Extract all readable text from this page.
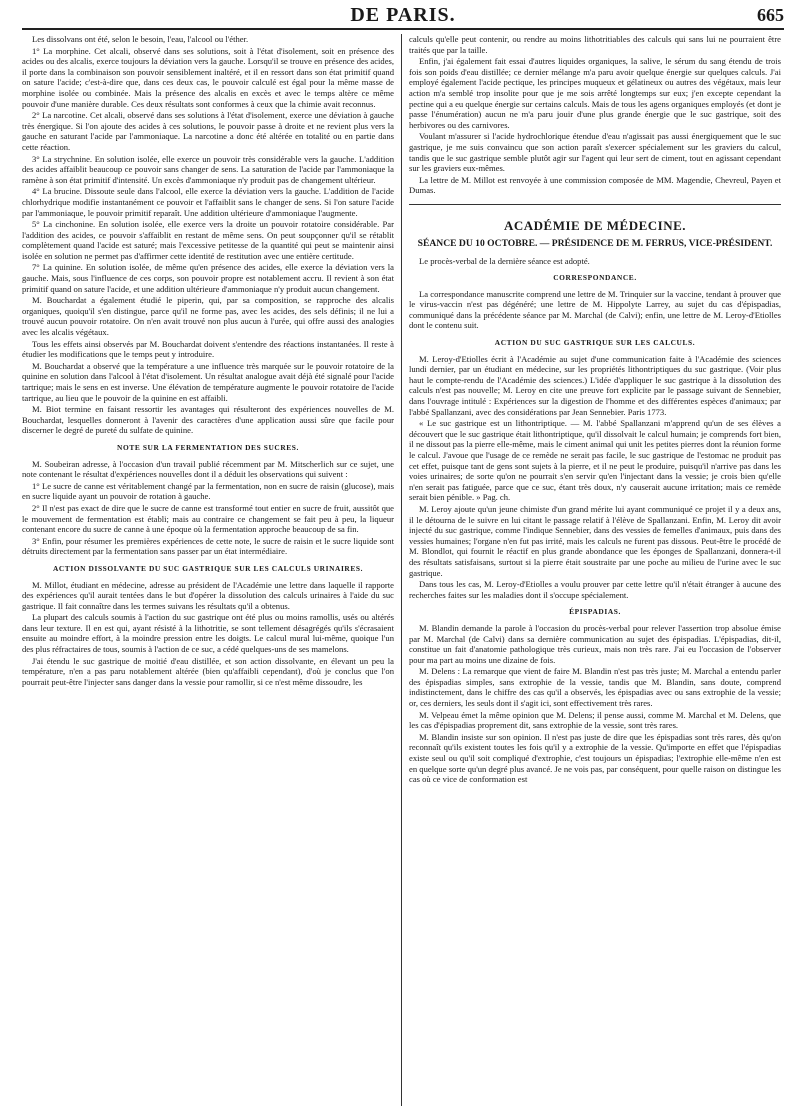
DE PARIS.	665

Les dissolvans ont été, selon le besoin, l'eau, l'alcool ou l'éther.

1° La morphine. Cet alcali, observé dans ses solutions, soit à l'état d'isolement, soit en présence des acides ou des alcalis, exerce toujours la déviation vers la gauche. Lorsqu'il se trouve en présence des acides, il porte dans la combinaison son pouvoir sensiblement inaltéré, et il en ressort dans son état primitif quand on sature l'acide; c'est-à-dire que, dans ces deux cas, le pouvoir calculé est égal pour la même masse de morphine isolée ou combinée. Mais la présence des alcalis en excès et avec le temps altère ce même pouvoir d'une manière durable. Ces deux résultats sont conformes à ceux que la chimie avait reconnus.

2° La narcotine. Cet alcali, observé dans ses solutions à l'état d'isolement, exerce une déviation à gauche très énergique. Si l'on ajoute des acides à ces solutions, le pouvoir passe à droite et ne revient plus vers la gauche en saturant l'acide par l'ammoniaque. La narcotine a donc été altérée en totalité ou en partie dans cette réaction.

3° La strychnine. En solution isolée, elle exerce un pouvoir très considérable vers la gauche. L'addition des acides affaiblit beaucoup ce pouvoir sans changer de sens. La saturation de l'acide par l'ammoniaque la ramène à son état primitif d'intensité. Un excès d'ammoniaque n'y produit pas de changement ultérieur.

4° La brucine. Dissoute seule dans l'alcool, elle exerce la déviation vers la gauche. L'addition de l'acide chlorhydrique modifie instantanément ce pouvoir et l'affaiblit sans le changer de sens. Si l'on sature l'acide par l'ammoniaque, le pouvoir primitif reparaît. Une addition ultérieure d'ammoniaque l'augmente.

5° La cinchonine. En solution isolée, elle exerce vers la droite un pouvoir rotatoire considérable. Par l'addition des acides, ce pouvoir s'affaiblit en restant de même sens. On peut soupçonner qu'il se rétablit complètement quand l'acide est saturé; mais l'excessive petitesse de la quantité qui peut se maintenir ainsi isolée en solution ne permet pas d'affirmer cette identité de restitution avec une entière certitude.

7° La quinine. En solution isolée, de même qu'en présence des acides, elle exerce la déviation vers la gauche. Mais, sous l'influence de ces corps, son pouvoir propre est notablement accru. Il revient à son état primitif quand on sature l'acide, et une addition ultérieure d'ammoniaque n'y produit aucun changement.

M. Bouchardat a également étudié le piperin, qui, par sa composition, se rapproche des alcalis organiques, quoiqu'il s'en distingue, parce qu'il ne forme pas, avec les acides, des sels définis; il ne lui a trouvé aucun pouvoir rotatoire. On n'en avait trouvé non plus aucun à l'urée, qui offre aussi des analogies avec les alcalis végétaux.

Tous les effets ainsi observés par M. Bouchardat doivent s'entendre des réactions instantanées. Il reste à étudier les modifications que le temps peut y introduire.

M. Bouchardat a observé que la température a une influence très marquée sur le pouvoir rotatoire de la quinine en solution dans l'alcool à l'état d'isolement. Un résultat analogue avait déjà été signalé pour l'acide tartrique; mais le sens en est inverse. Une élévation de température augmente le pouvoir rotatoire de l'acide tartrique, au lieu que le pouvoir de la quinine en est affaibli.

M. Biot termine en faisant ressortir les avantages qui résulteront des expériences nouvelles de M. Bouchardat, lesquelles donneront à l'avenir des caractères d'une application aussi sûre que facile pour discerner le degré de pureté du sulfate de quinine.

NOTE SUR LA FERMENTATION DES SUCRES.

M. Soubeiran adresse, à l'occasion d'un travail publié récemment par M. Mitscherlich sur ce sujet, une note contenant le résultat d'expériences nouvelles dont il a déduit les observations qui suivent :

1° Le sucre de canne est véritablement changé par la fermentation, non en sucre de raisin (glucose), mais en sucre liquide ayant un pouvoir de rotation à gauche.

2° Il n'est pas exact de dire que le sucre de canne est transformé tout entier en sucre de fruit, aussitôt que le mouvement de fermentation est établi; mais au contraire ce changement se fait peu à peu, la liqueur contenant encore du sucre de canne à une époque où la fermentation approche beaucoup de sa fin.

3° Enfin, pour résumer les premières expériences de cette note, le sucre de raisin et le sucre liquide sont détruits directement par la fermentation sans passer par un état intermédiaire.

ACTION DISSOLVANTE DU SUC GASTRIQUE SUR LES CALCULS URINAIRES.

M. Millot, étudiant en médecine, adresse au président de l'Académie une lettre dans laquelle il rapporte des expériences qu'il aurait tentées dans le but d'opérer la dissolution des calculs urinaires à l'aide du suc gastrique. Il fait connaître dans les termes suivans les résultats qu'il a obtenus.

La plupart des calculs soumis à l'action du suc gastrique ont été plus ou moins ramollis, usés ou altérés dans leur texture. Il en est qui, ayant résisté à la lithotritie, se sont tellement désagrégés qu'ils s'écrasaient ensuite au moindre effort, à la moindre pression entre les doigts. Le calcul mural lui-même, quoique l'un des plus réfractaires de tous, soumis à l'action de ce suc, a cédé quelques-uns de ses mamelons.

J'ai étendu le suc gastrique de moitié d'eau distillée, et son action dissolvante, en élevant un peu la température, n'en a pas paru notablement altérée (bien qu'affaibli cependant), d'où je conclus que l'on pourrait peut-être l'injecter sans danger dans la vessie pour ramollir, si ce n'est même dissoudre, les

calculs qu'elle peut contenir, ou rendre au moins lithotritiables des calculs qui sans lui ne pourraient être traités que par la taille.

Enfin, j'ai également fait essai d'autres liquides organiques, la salive, le sérum du sang étendu de trois fois son poids d'eau distillée; ce dernier mélange m'a paru avoir quelque énergie sur quelques calculs. J'ai employé également l'acide pectique, les principes muqueux et gélatineux ou autres des végétaux, mais leur action m'a semblé trop insolite pour que je me sois arrêté longtemps sur eux; j'en excepte cependant la pectine qui a eu quelque énergie sur certains calculs. Mais de tous les agens organiques employés (et dont je passe l'énumération) aucun ne m'a paru jouir d'une plus grande énergie que le suc gastrique, soit des herbivores ou des carnivores.

Voulant m'assurer si l'acide hydrochlorique étendue d'eau n'agissait pas aussi énergiquement que le suc gastrique, je me suis convaincu que son action paraît s'exercer spécialement sur les graviers du calcul, tandis que le suc gastrique semble plutôt agir sur l'agent qui leur sert de ciment, tout en agissant cependant sur les graviers eux-mêmes.

La lettre de M. Millot est renvoyée à une commission composée de MM. Magendie, Chevreul, Payen et Dumas.

ACADÉMIE DE MÉDECINE.
SÉANCE DU 10 OCTOBRE. — PRÉSIDENCE DE M. FERRUS, VICE-PRÉSIDENT.

Le procès-verbal de la dernière séance est adopté.

CORRESPONDANCE.

La correspondance manuscrite comprend une lettre de M. Trinquier sur la vaccine, tendant à prouver que le virus-vaccin n'est pas dégénéré; une lettre de M. Hippolyte Larrey, au sujet du cas d'épispadias, communiqué dans la précédente séance par M. Marchal (de Calvi); enfin, une lettre de M. Leroy-d'Etiolles dont le contenu suit.

ACTION DU SUC GASTRIQUE SUR LES CALCULS.

M. Leroy-d'Etiolles écrit à l'Académie au sujet d'une communication faite à l'Académie des sciences lundi dernier, par un étudiant en médecine, sur les propriétés lithontriptiques du suc gastrique. (Voir plus haut le compte-rendu de l'Académie des sciences.) L'idée d'appliquer le suc gastrique à la dissolution des calculs n'est pas nouvelle; M. Leroy en cite une preuve fort explicite par le passage suivant de Sennebier, dans l'ouvrage intitulé : Expériences sur la digestion de l'homme et des différentes espèces d'animaux; par l'abbé Spallanzani, avec des considérations par Jean Sennebier. Paris 1773.

« Le suc gastrique est un lithontriptique. — M. l'abbé Spallanzani m'apprend qu'un de ses élèves a découvert que le suc gastrique était lithontriptique, qu'il dissolvait le calcul humain; je comprends fort bien, il ne dissout pas la pierre elle-même, mais le ciment animal qui unit les petites pierres dont la réunion forme le calcul. J'avoue que l'usage de ce remède ne serait pas facile, le suc gastrique de l'estomac ne produit pas cet effet, puisque tant de gens sont sujets à la pierre, et il ne peut le produire, puisqu'il n'arrive pas dans les voies urinaires; de sorte qu'on ne pourrait s'en servir qu'en l'injectant dans la vessie; je crois bien qu'elle n'en serait pas fatiguée, parce que ce suc, étant très doux, n'y causerait aucune irritation; mais ce remède serait bien pénible. » Pag. ch.

M. Leroy ajoute qu'un jeune chimiste d'un grand mérite lui ayant communiqué ce projet il y a deux ans, il le détourna de le suivre en lui citant le passage relatif à l'élève de Spallanzani. Enfin, M. Leroy dit avoir injecté du suc gastrique, comme l'indique Sennebier, dans des vessies de femelles d'animaux, puis dans des vessies humaines; l'organe n'en fut pas irrité, mais les calculs ne furent pas dissous. Peut-être le procédé de M. Blondlot, qui fournit le réactif en plus grande abondance que les éponges de Spallanzani, donnera-t-il des résultats satisfaisans, surtout si la pierre était soustraite par une poche au milieu de l'urine avec le suc gastrique.

Dans tous les cas, M. Leroy-d'Etiolles a voulu prouver par cette lettre qu'il n'était étranger à aucune des recherches faites sur les maladies dont il s'occupe spécialement.

ÉPISPADIAS.

M. Blandin demande la parole à l'occasion du procès-verbal pour relever l'assertion trop absolue émise par M. Marchal (de Calvi) dans sa dernière communication au sujet des épispadias. L'épispadias, dit-il, constitue un fait d'anatomie pathologique très curieux, mais non très rare. J'ai eu l'occasion de l'observer pour ma part au moins une dizaine de fois.

M. Delens : La remarque que vient de faire M. Blandin n'est pas très juste; M. Marchal a entendu parler des épispadias simples, sans extrophie de la vessie, tandis que M. Blandin, sans doute, comprend indistinctement, dans le chiffre des cas qu'il a observés, les épispadias avec ou sans extrophie de la vessie; or, ces derniers, les seuls dont il s'agit ici, sont effectivement très rares.

M. Velpeau émet la même opinion que M. Delens; il pense aussi, comme M. Marchal et M. Delens, que les cas d'épispadias proprement dit, sans extrophie de la vessie, sont très rares.

M. Blandin insiste sur son opinion. Il n'est pas juste de dire que les épispadias sont très rares, dès qu'on reconnaît qu'ils existent toutes les fois qu'il y a extrophie de la vessie. Qu'importe en effet que l'épispadias existe seul ou qu'il soit compliqué d'extrophie, c'est toujours un épispadias; l'extrophie elle-même n'en est en quelque sorte qu'un degré plus avancé. Je ne vois pas, par conséquent, pour quelle raison on distingue les cas où ce vice de conformation est
